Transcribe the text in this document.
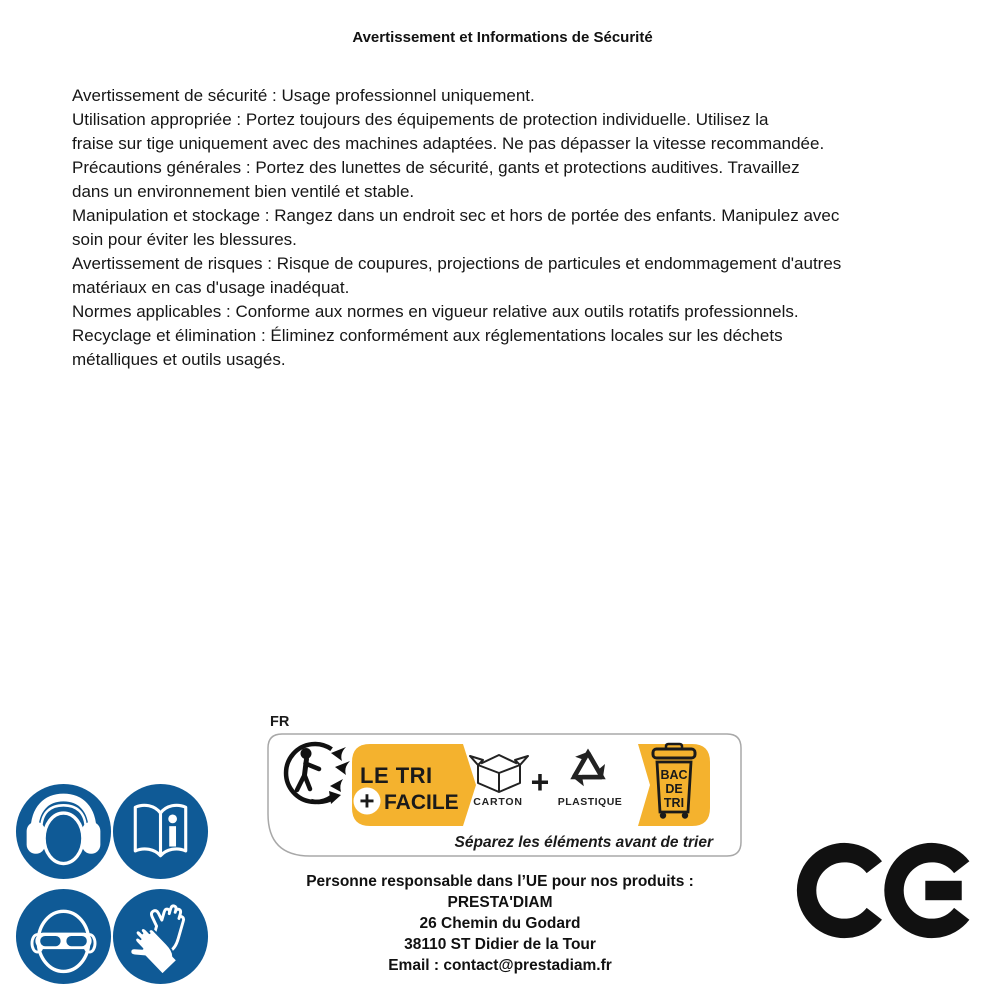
Avertissement et Informations de Sécurité
Avertissement de sécurité : Usage professionnel uniquement.
Utilisation appropriée : Portez toujours des équipements de protection individuelle. Utilisez la
fraise sur tige uniquement avec des machines adaptées. Ne pas dépasser la vitesse recommandée.
Précautions générales : Portez des lunettes de sécurité, gants et protections auditives. Travaillez
dans un environnement bien ventilé et stable.
Manipulation et stockage : Rangez dans un endroit sec et hors de portée des enfants. Manipulez avec
soin pour éviter les blessures.
Avertissement de risques : Risque de coupures, projections de particules et endommagement d'autres
matériaux en cas d'usage inadéquat.
Normes applicables : Conforme aux normes en vigueur relative aux outils rotatifs professionnels.
Recyclage et élimination : Éliminez conformément aux réglementations locales sur les déchets
métalliques et outils usagés.
FR
LE TRI
+ FACILE CARTON
+
PLASTIQUE
BAC
DE
TRI
Séparez les éléments avant de trier
Personne responsable dans l’UE pour nos produits :
PRESTA'DIAM
26 Chemin du Godard
38110 ST Didier de la Tour
Email : contact@prestadiam.fr
